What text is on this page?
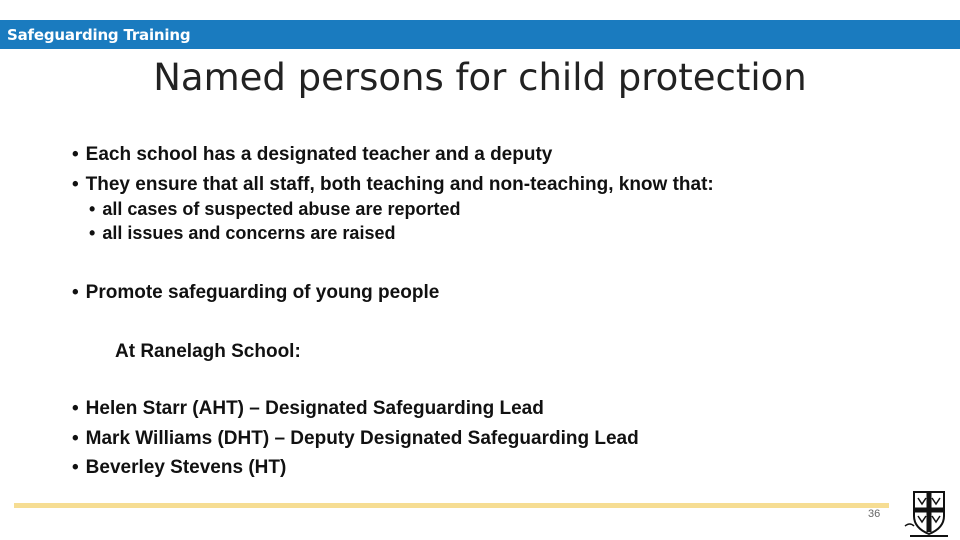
Safeguarding Training
Named persons for child protection
• Each school has a designated teacher and a deputy
• They ensure that all staff, both teaching and non-teaching, know that:
• all cases of suspected abuse are reported
• all issues and concerns are raised
• Promote safeguarding of young people
At Ranelagh School:
• Helen Starr (AHT) – Designated Safeguarding Lead
• Mark Williams (DHT) – Deputy Designated Safeguarding Lead
• Beverley Stevens (HT)
36
